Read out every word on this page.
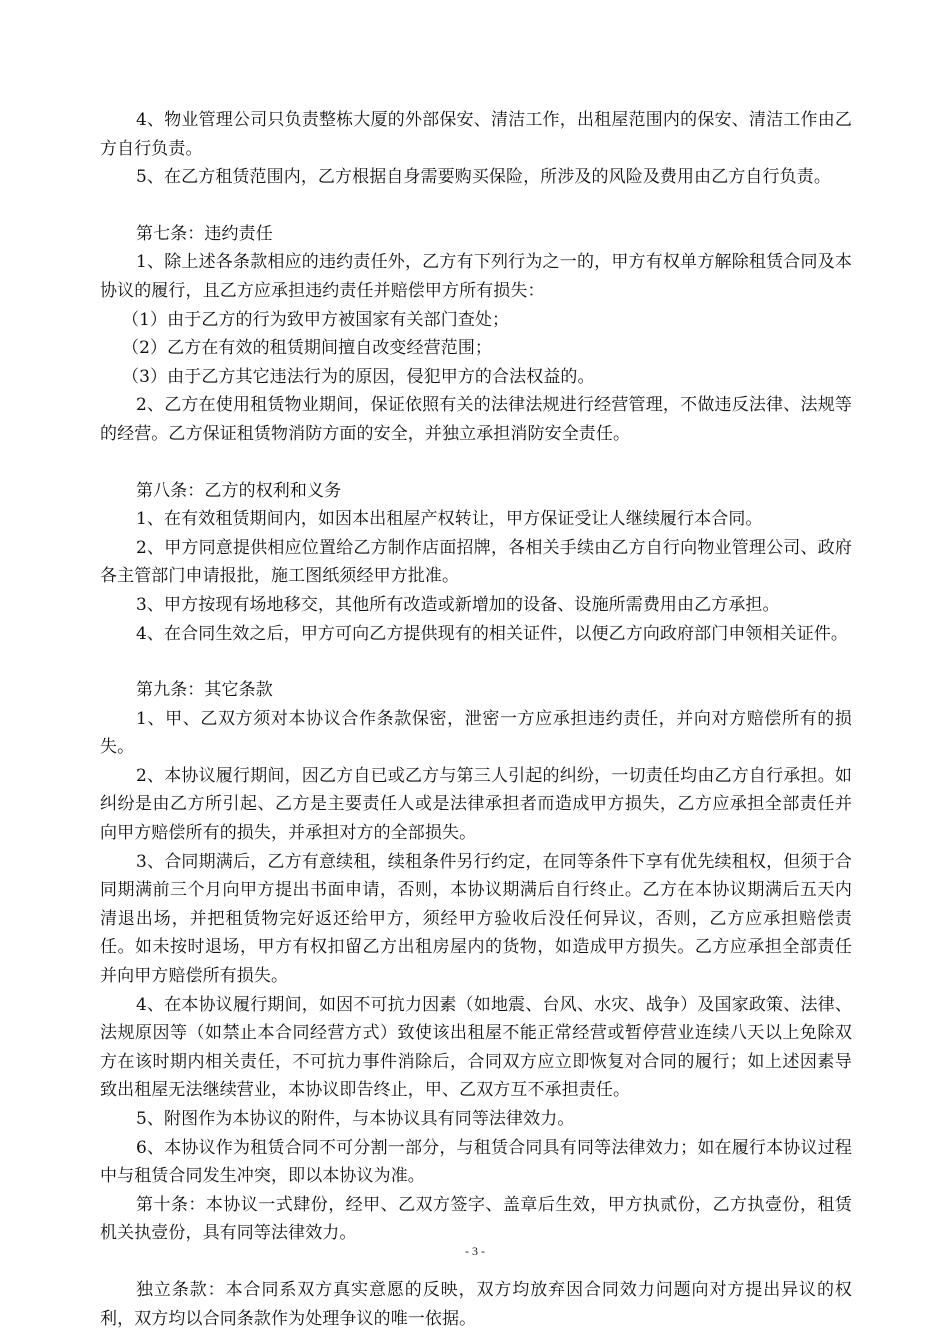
4、物业管理公司只负责整栋大厦的外部保安、清洁工作，出租屋范围内的保安、清洁工作由乙方自行负责。

5、在乙方租赁范围内，乙方根据自身需要购买保险，所涉及的风险及费用由乙方自行负责。

第七条：违约责任

1、除上述各条款相应的违约责任外，乙方有下列行为之一的，甲方有权单方解除租赁合同及本协议的履行，且乙方应承担违约责任并赔偿甲方所有损失：

（1）由于乙方的行为致甲方被国家有关部门查处；

（2）乙方在有效的租赁期间擅自改变经营范围；

（3）由于乙方其它违法行为的原因，侵犯甲方的合法权益的。

2、乙方在使用租赁物业期间，保证依照有关的法律法规进行经营管理，不做违反法律、法规等的经营。乙方保证租赁物消防方面的安全，并独立承担消防安全责任。

第八条：乙方的权利和义务

1、在有效租赁期间内，如因本出租屋产权转让，甲方保证受让人继续履行本合同。

2、甲方同意提供相应位置给乙方制作店面招牌，各相关手续由乙方自行向物业管理公司、政府各主管部门申请报批，施工图纸须经甲方批准。

3、甲方按现有场地移交，其他所有改造或新增加的设备、设施所需费用由乙方承担。

4、在合同生效之后，甲方可向乙方提供现有的相关证件，以便乙方向政府部门申领相关证件。

第九条：其它条款

1、甲、乙双方须对本协议合作条款保密，泄密一方应承担违约责任，并向对方赔偿所有的损失。

2、本协议履行期间，因乙方自已或乙方与第三人引起的纠纷，一切责任均由乙方自行承担。如纠纷是由乙方所引起、乙方是主要责任人或是法律承担者而造成甲方损失，乙方应承担全部责任并向甲方赔偿所有的损失，并承担对方的全部损失。

3、合同期满后，乙方有意续租，续租条件另行约定，在同等条件下享有优先续租权，但须于合同期满前三个月向甲方提出书面申请，否则，本协议期满后自行终止。乙方在本协议期满后五天内清退出场，并把租赁物完好返还给甲方，须经甲方验收后没任何异议，否则，乙方应承担赔偿责任。如未按时退场，甲方有权扣留乙方出租房屋内的货物，如造成甲方损失。乙方应承担全部责任并向甲方赔偿所有损失。

4、在本协议履行期间，如因不可抗力因素（如地震、台风、水灾、战争）及国家政策、法律、法规原因等（如禁止本合同经营方式）致使该出租屋不能正常经营或暂停营业连续八天以上免除双方在该时期内相关责任，不可抗力事件消除后，合同双方应立即恢复对合同的履行；如上述因素导致出租屋无法继续营业，本协议即告终止，甲、乙双方互不承担责任。

5、附图作为本协议的附件，与本协议具有同等法律效力。

6、本协议作为租赁合同不可分割一部分，与租赁合同具有同等法律效力；如在履行本协议过程中与租赁合同发生冲突，即以本协议为准。

第十条：本协议一式肆份，经甲、乙双方签字、盖章后生效，甲方执贰份，乙方执壹份，租赁机关执壹份，具有同等法律效力。

独立条款：本合同系双方真实意愿的反映，双方均放弃因合同效力问题向对方提出异议的权利，双方均以合同条款作为处理争议的唯一依据。

- 3 -
